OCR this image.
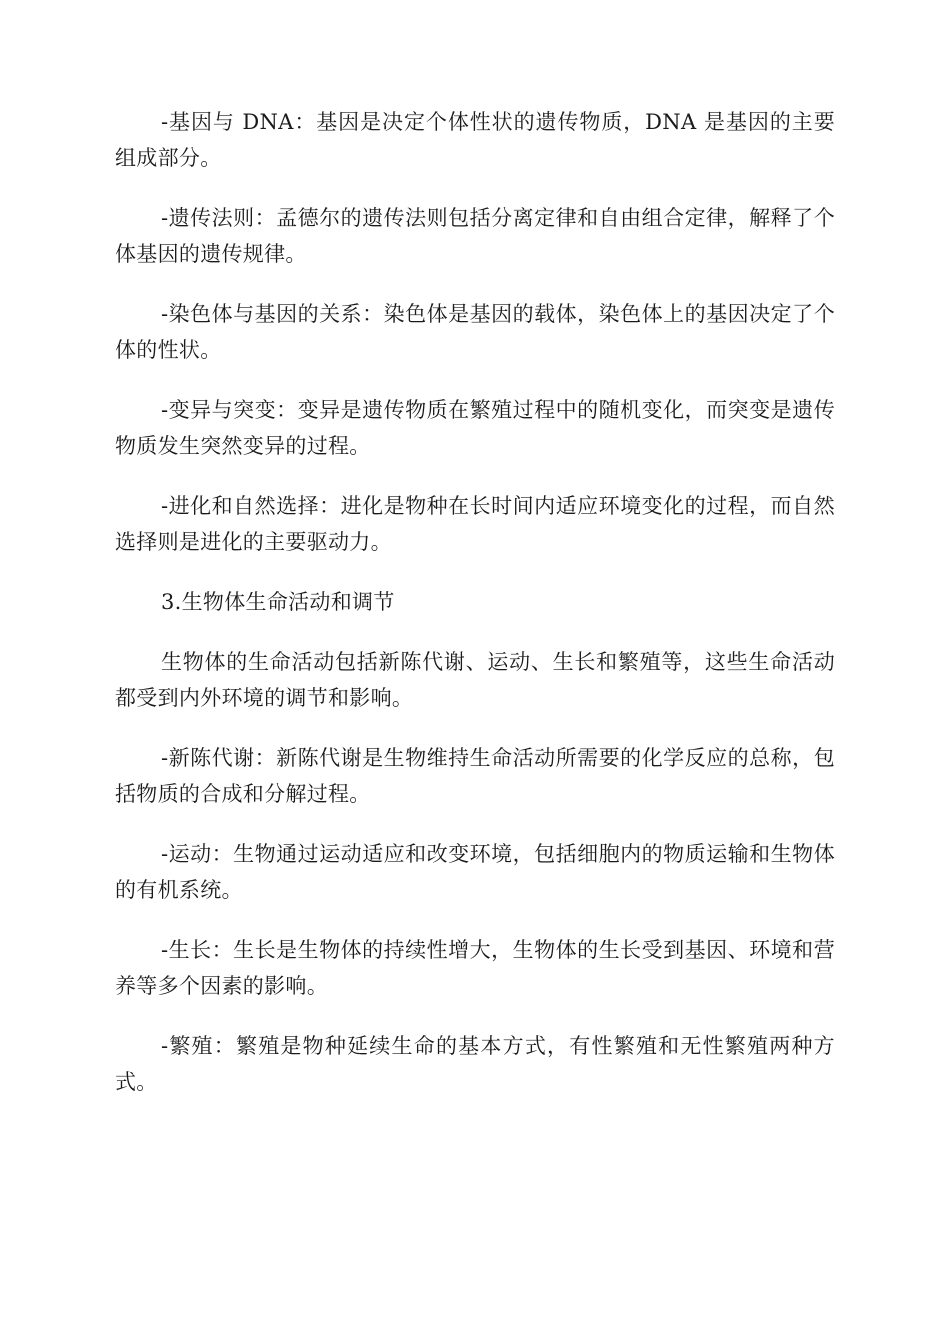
-基因与 DNA：基因是决定个体性状的遗传物质，DNA 是基因的主要组成部分。

-遗传法则：孟德尔的遗传法则包括分离定律和自由组合定律，解释了个体基因的遗传规律。

-染色体与基因的关系：染色体是基因的载体，染色体上的基因决定了个体的性状。

-变异与突变：变异是遗传物质在繁殖过程中的随机变化，而突变是遗传物质发生突然变异的过程。

-进化和自然选择：进化是物种在长时间内适应环境变化的过程，而自然选择则是进化的主要驱动力。

3.生物体生命活动和调节

生物体的生命活动包括新陈代谢、运动、生长和繁殖等，这些生命活动都受到内外环境的调节和影响。

-新陈代谢：新陈代谢是生物维持生命活动所需要的化学反应的总称，包括物质的合成和分解过程。

-运动：生物通过运动适应和改变环境，包括细胞内的物质运输和生物体的有机系统。

-生长：生长是生物体的持续性增大，生物体的生长受到基因、环境和营养等多个因素的影响。

-繁殖：繁殖是物种延续生命的基本方式，有性繁殖和无性繁殖两种方式。
